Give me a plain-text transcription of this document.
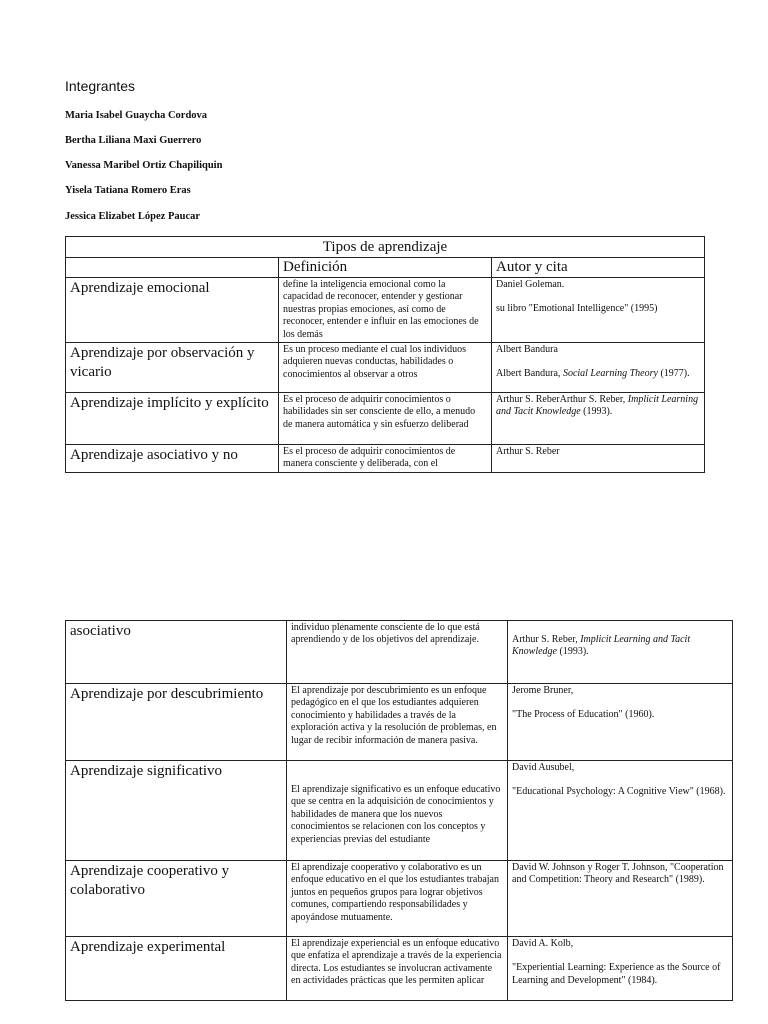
Integrantes
Maria Isabel Guaycha Cordova
Bertha Liliana Maxi Guerrero
Vanessa Maribel Ortiz Chapiliquin
Yisela Tatiana Romero Eras
Jessica Elizabet López Paucar
Tipos de aprendizaje		
	Definición	Autor y cita
Aprendizaje emocional	define la inteligencia emocional como la capacidad de reconocer, entender y gestionar nuestras propias emociones, así como de reconocer, entender e influir en las emociones de los demás	Daniel Goleman.
su libro "Emotional Intelligence" (1995)

Aprendizaje por observación y vicario	Es un proceso mediante el cual los individuos adquieren nuevas conductas, habilidades o conocimientos al observar a otros	Albert Bandura
Albert Bandura, Social Learning Theory (1977).

Aprendizaje implícito y explícito	Es el proceso de adquirir conocimientos o habilidades sin ser consciente de ello, a menudo de manera automática y sin esfuerzo deliberad	Arthur S. ReberArthur S. Reber, Implicit Learning and Tacit Knowledge (1993).
Aprendizaje asociativo y no	Es el proceso de adquirir conocimientos de manera consciente y deliberada, con el	Arthur S. Reber
asociativo	individuo plenamente consciente de lo que está aprendiendo y de los objetivos del aprendizaje.	Arthur S. Reber, Implicit Learning and Tacit Knowledge (1993).
Aprendizaje por descubrimiento	El aprendizaje por descubrimiento es un enfoque pedagógico en el que los estudiantes adquieren conocimiento y habilidades a través de la exploración activa y la resolución de problemas, en lugar de recibir información de manera pasiva.	Jerome Bruner,
"The Process of Education" (1960).

Aprendizaje significativo	El aprendizaje significativo es un enfoque educativo que se centra en la adquisición de conocimientos y habilidades de manera que los nuevos conocimientos se relacionen con los conceptos y experiencias previas del estudiante	David Ausubel,
"Educational Psychology: A Cognitive View" (1968).

Aprendizaje cooperativo y colaborativo	El aprendizaje cooperativo y colaborativo es un enfoque educativo en el que los estudiantes trabajan juntos en pequeños grupos para lograr objetivos comunes, compartiendo responsabilidades y apoyándose mutuamente.	David W. Johnson y Roger T. Johnson, "Cooperation and Competition: Theory and Research" (1989).
Aprendizaje experimental	El aprendizaje experiencial es un enfoque educativo que enfatiza el aprendizaje a través de la experiencia directa. Los estudiantes se involucran activamente en actividades prácticas que les permiten aplicar	David A. Kolb,
"Experiential Learning: Experience as the Source of Learning and Development" (1984).
